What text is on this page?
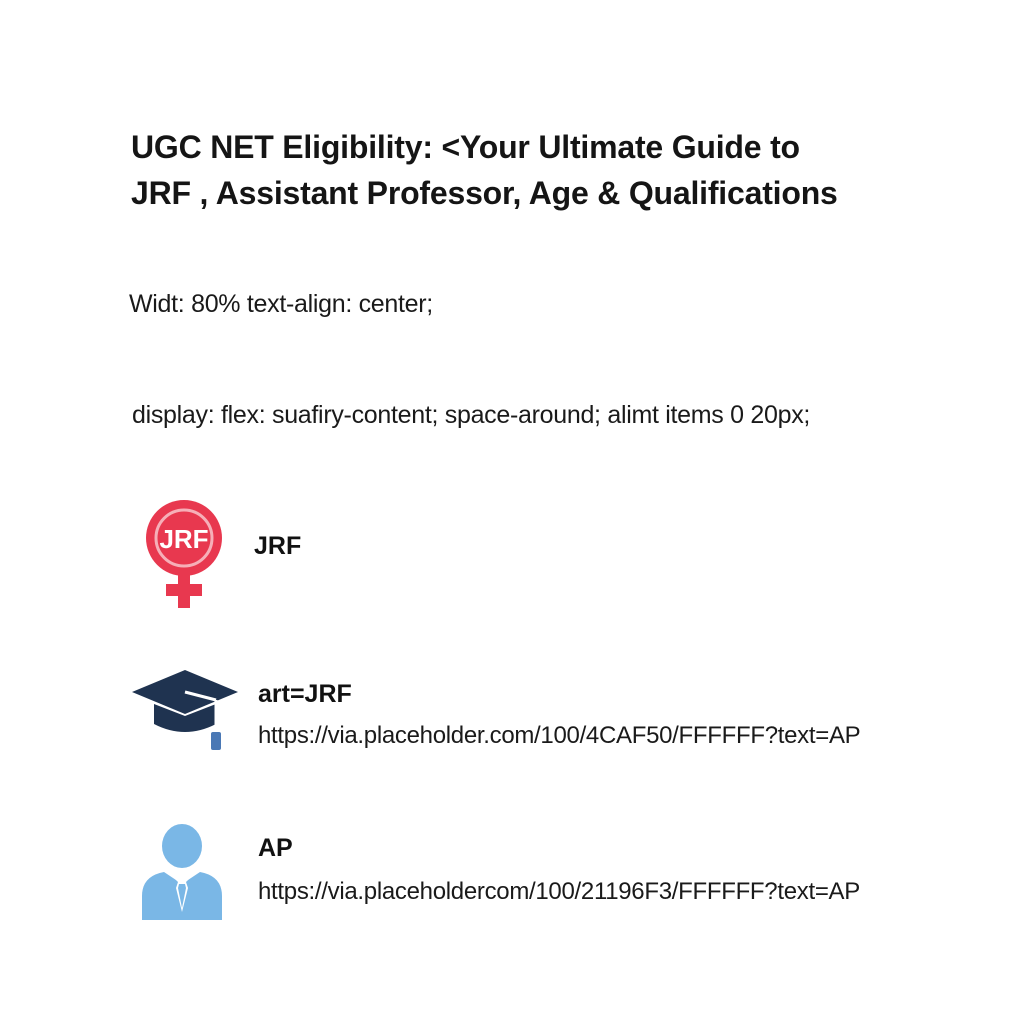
UGC NET Eligibility: <Your Ultimate Guide to
JRF , Assistant Professor, Age & Qualifications
Widt: 80% text-align: center;
display: flex: suafiry-content; space-around; alimt items 0 20px;
JRF JRF
art=JRF
https://via.placeholder.com/100/4CAF50/FFFFFF?text=AP
AP
https://via.placeholdercom/100/21196F3/FFFFFF?text=AP
